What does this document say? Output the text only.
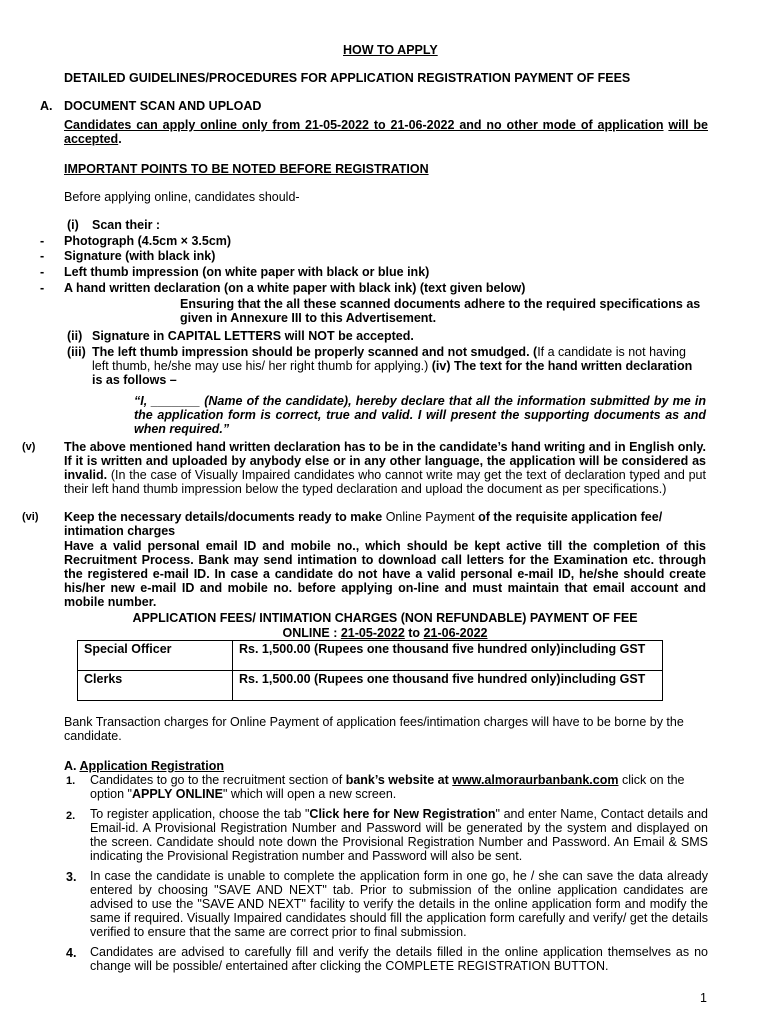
HOW TO APPLY
DETAILED GUIDELINES/PROCEDURES FOR APPLICATION REGISTRATION PAYMENT OF FEES
A. DOCUMENT SCAN AND UPLOAD
Candidates can apply online only from 21-05-2022 to 21-06-2022 and no other mode of application will be accepted.
IMPORTANT POINTS TO BE NOTED BEFORE REGISTRATION
Before applying online, candidates should-
(i) Scan their :
- Photograph (4.5cm × 3.5cm)
- Signature (with black ink)
- Left thumb impression (on white paper with black or blue ink)
- A hand written declaration (on a white paper with black ink) (text given below)
Ensuring that the all these scanned documents adhere to the required specifications as given in Annexure III to this Advertisement.
(ii) Signature in CAPITAL LETTERS will NOT be accepted.
(iii) The left thumb impression should be properly scanned and not smudged. (If a candidate is not having left thumb, he/she may use his/ her right thumb for applying.) (iv) The text for the hand written declaration is as follows –
“I, _______ (Name of the candidate), hereby declare that all the information submitted by me in the application form is correct, true and valid. I will present the supporting documents as and when required.”
(v) The above mentioned hand written declaration has to be in the candidate’s hand writing and in English only. If it is written and uploaded by anybody else or in any other language, the application will be considered as invalid. (In the case of Visually Impaired candidates who cannot write may get the text of declaration typed and put their left hand thumb impression below the typed declaration and upload the document as per specifications.)
(vi) Keep the necessary details/documents ready to make Online Payment of the requisite application fee/ intimation charges
Have a valid personal email ID and mobile no., which should be kept active till the completion of this Recruitment Process. Bank may send intimation to download call letters for the Examination etc. through the registered e-mail ID. In case a candidate do not have a valid personal e-mail ID, he/she should create his/her new e-mail ID and mobile no. before applying on-line and must maintain that email account and mobile number.
APPLICATION FEES/ INTIMATION CHARGES (NON REFUNDABLE) PAYMENT OF FEE
ONLINE : 21-05-2022 to 21-06-2022
Special Officer	Rs. 1,500.00 (Rupees one thousand five hundred only)including GST
Clerks	Rs. 1,500.00 (Rupees one thousand five hundred only)including GST
Bank Transaction charges for Online Payment of application fees/intimation charges will have to be borne by the candidate.
A. Application Registration
1. Candidates to go to the recruitment section of bank’s website at www.almoraurbanbank.com click on the option "APPLY ONLINE" which will open a new screen.
2. To register application, choose the tab "Click here for New Registration" and enter Name, Contact details and Email-id. A Provisional Registration Number and Password will be generated by the system and displayed on the screen. Candidate should note down the Provisional Registration Number and Password. An Email & SMS indicating the Provisional Registration number and Password will also be sent.
3. In case the candidate is unable to complete the application form in one go, he / she can save the data already entered by choosing "SAVE AND NEXT" tab. Prior to submission of the online application candidates are advised to use the "SAVE AND NEXT" facility to verify the details in the online application form and modify the same if required. Visually Impaired candidates should fill the application form carefully and verify/ get the details verified to ensure that the same are correct prior to final submission.
4. Candidates are advised to carefully fill and verify the details filled in the online application themselves as no change will be possible/ entertained after clicking the COMPLETE REGISTRATION BUTTON.
1
